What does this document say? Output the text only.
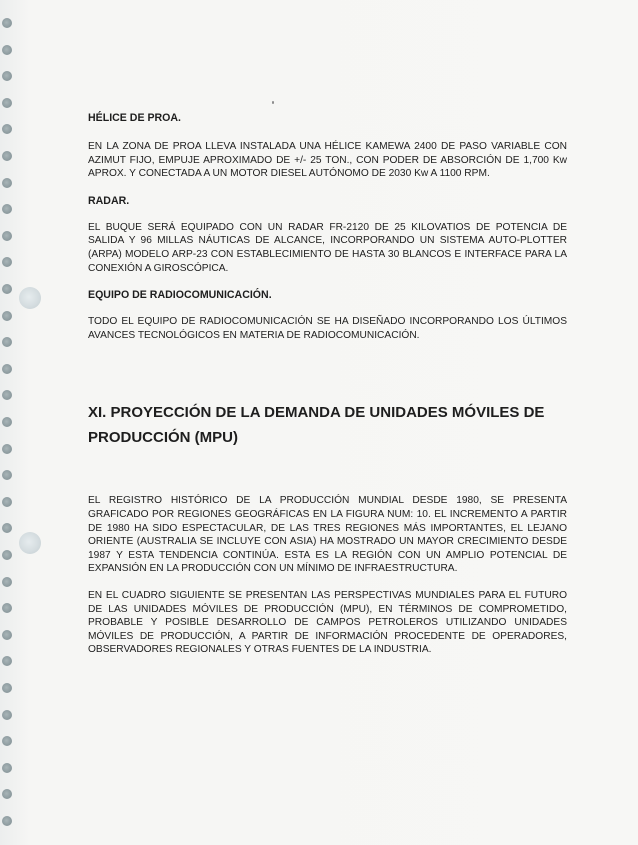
HÉLICE DE PROA.

EN LA ZONA DE PROA LLEVA INSTALADA UNA HÉLICE KAMEWA 2400 DE PASO VARIABLE CON AZIMUT FIJO, EMPUJE APROXIMADO DE +/- 25 TON., CON PODER DE ABSORCIÓN DE 1,700 Kw APROX. Y CONECTADA A UN MOTOR DIESEL AUTÓNOMO DE 2030 Kw A 1100 RPM.

RADAR.

EL BUQUE SERÁ EQUIPADO CON UN RADAR FR-2120 DE 25 KILOVATIOS DE POTENCIA DE SALIDA Y 96 MILLAS NÁUTICAS DE ALCANCE, INCORPORANDO UN SISTEMA AUTO-PLOTTER (ARPA) MODELO ARP-23 CON ESTABLECIMIENTO DE HASTA 30 BLANCOS E INTERFACE PARA LA CONEXIÓN A GIROSCÓPICA.

EQUIPO DE RADIOCOMUNICACIÓN.

TODO EL EQUIPO DE RADIOCOMUNICACIÓN SE HA DISEÑADO INCORPORANDO LOS ÚLTIMOS AVANCES TECNOLÓGICOS EN MATERIA DE RADIOCOMUNICACIÓN.

XI. PROYECCIÓN DE LA DEMANDA DE UNIDADES MÓVILES DE PRODUCCIÓN (MPU)

EL REGISTRO HISTÓRICO DE LA PRODUCCIÓN MUNDIAL DESDE 1980, SE PRESENTA GRAFICADO POR REGIONES GEOGRÁFICAS EN LA FIGURA NUM: 10. EL INCREMENTO A PARTIR DE 1980 HA SIDO ESPECTACULAR, DE LAS TRES REGIONES MÁS IMPORTANTES, EL LEJANO ORIENTE (AUSTRALIA SE INCLUYE CON ASIA) HA MOSTRADO UN MAYOR CRECIMIENTO DESDE 1987 Y ESTA TENDENCIA CONTINÚA. ESTA ES LA REGIÓN CON UN AMPLIO POTENCIAL DE EXPANSIÓN EN LA PRODUCCIÓN CON UN MÍNIMO DE INFRAESTRUCTURA.

EN EL CUADRO SIGUIENTE SE PRESENTAN LAS PERSPECTIVAS MUNDIALES PARA EL FUTURO DE LAS UNIDADES MÓVILES DE PRODUCCIÓN (MPU), EN TÉRMINOS DE COMPROMETIDO, PROBABLE Y POSIBLE DESARROLLO DE CAMPOS PETROLEROS UTILIZANDO UNIDADES MÓVILES DE PRODUCCIÓN, A PARTIR DE INFORMACIÓN PROCEDENTE DE OPERADORES, OBSERVADORES REGIONALES Y OTRAS FUENTES DE LA INDUSTRIA.
